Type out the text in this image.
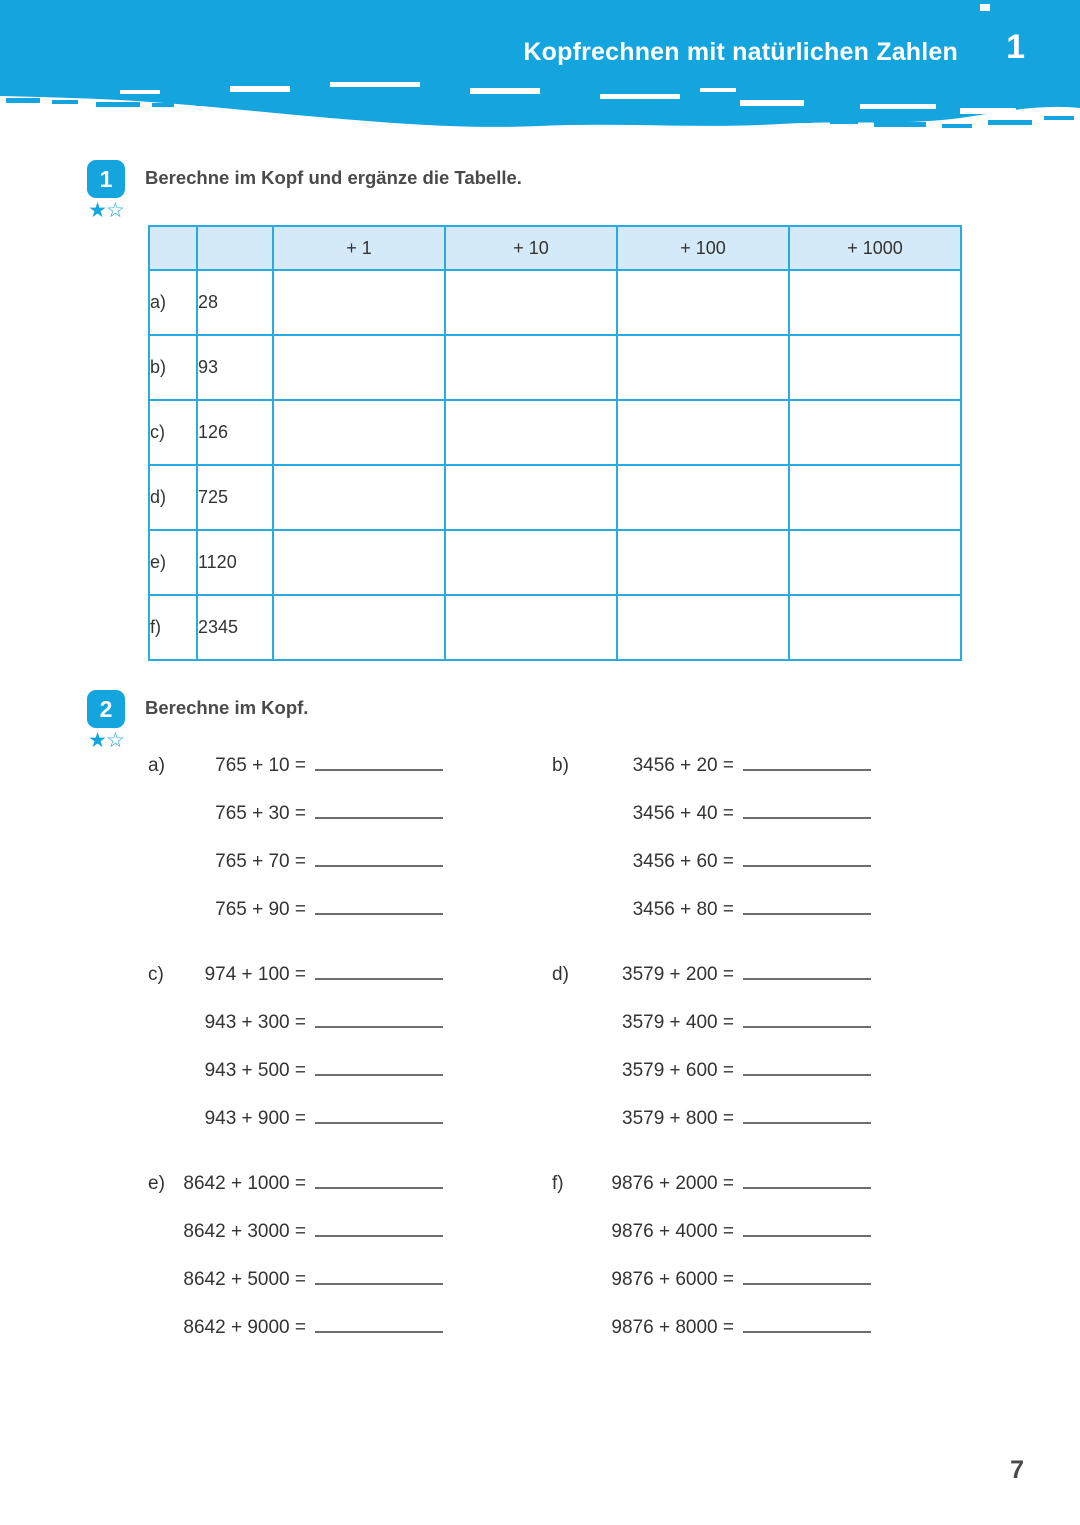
Kopfrechnen mit natürlichen Zahlen 1
1
★☆
Berechne im Kopf und ergänze die Tabelle.
		+ 1	+ 10	+ 100	+ 1000
a)	28				
b)	93				
c)	126				
d)	725				
e)	1120				
f)	2345				
2
★☆
Berechne im Kopf.
a)	765 + 10 =
765 + 30 =
765 + 70 =
765 + 90 =
b)	3456 + 20 =
3456 + 40 =
3456 + 60 =
3456 + 80 =
c)	974 + 100 =
943 + 300 =
943 + 500 =
943 + 900 =
d)	3579 + 200 =
3579 + 400 =
3579 + 600 =
3579 + 800 =
e) 8642 + 1000 =
8642 + 3000 =
8642 + 5000 =
8642 + 9000 =
f)	9876 + 2000 =
9876 + 4000 =
9876 + 6000 =
9876 + 8000 =
7
